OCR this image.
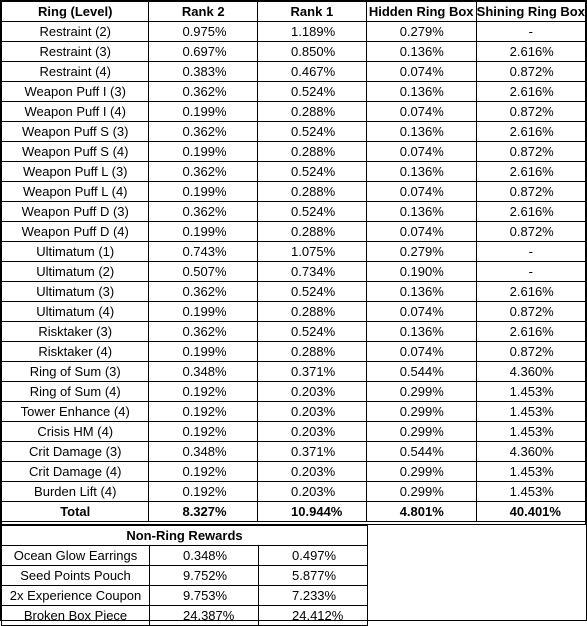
Ring (Level)	Rank 2	Rank 1	Hidden Ring Box	Shining Ring Box
Restraint (2)	0.975%	1.189%	0.279%	-
Restraint (3)	0.697%	0.850%	0.136%	2.616%
Restraint (4)	0.383%	0.467%	0.074%	0.872%
Weapon Puff I (3)	0.362%	0.524%	0.136%	2.616%
Weapon Puff I (4)	0.199%	0.288%	0.074%	0.872%
Weapon Puff S (3)	0.362%	0.524%	0.136%	2.616%
Weapon Puff S (4)	0.199%	0.288%	0.074%	0.872%
Weapon Puff L (3)	0.362%	0.524%	0.136%	2.616%
Weapon Puff L (4)	0.199%	0.288%	0.074%	0.872%
Weapon Puff D (3)	0.362%	0.524%	0.136%	2.616%
Weapon Puff D (4)	0.199%	0.288%	0.074%	0.872%
Ultimatum (1)	0.743%	1.075%	0.279%	-
Ultimatum (2)	0.507%	0.734%	0.190%	-
Ultimatum (3)	0.362%	0.524%	0.136%	2.616%
Ultimatum (4)	0.199%	0.288%	0.074%	0.872%
Risktaker (3)	0.362%	0.524%	0.136%	2.616%
Risktaker (4)	0.199%	0.288%	0.074%	0.872%
Ring of Sum (3)	0.348%	0.371%	0.544%	4.360%
Ring of Sum (4)	0.192%	0.203%	0.299%	1.453%
Tower Enhance (4)	0.192%	0.203%	0.299%	1.453%
Crisis HM (4)	0.192%	0.203%	0.299%	1.453%
Crit Damage (3)	0.348%	0.371%	0.544%	4.360%
Crit Damage (4)	0.192%	0.203%	0.299%	1.453%
Burden Lift (4)	0.192%	0.203%	0.299%	1.453%
Total	8.327%	10.944%	4.801%	40.401%

Non-Ring Rewards		
Ocean Glow Earrings	0.348%	0.497%
Seed Points Pouch	9.752%	5.877%
2x Experience Coupon	9.753%	7.233%
Broken Box Piece	24.387%	24.412%
